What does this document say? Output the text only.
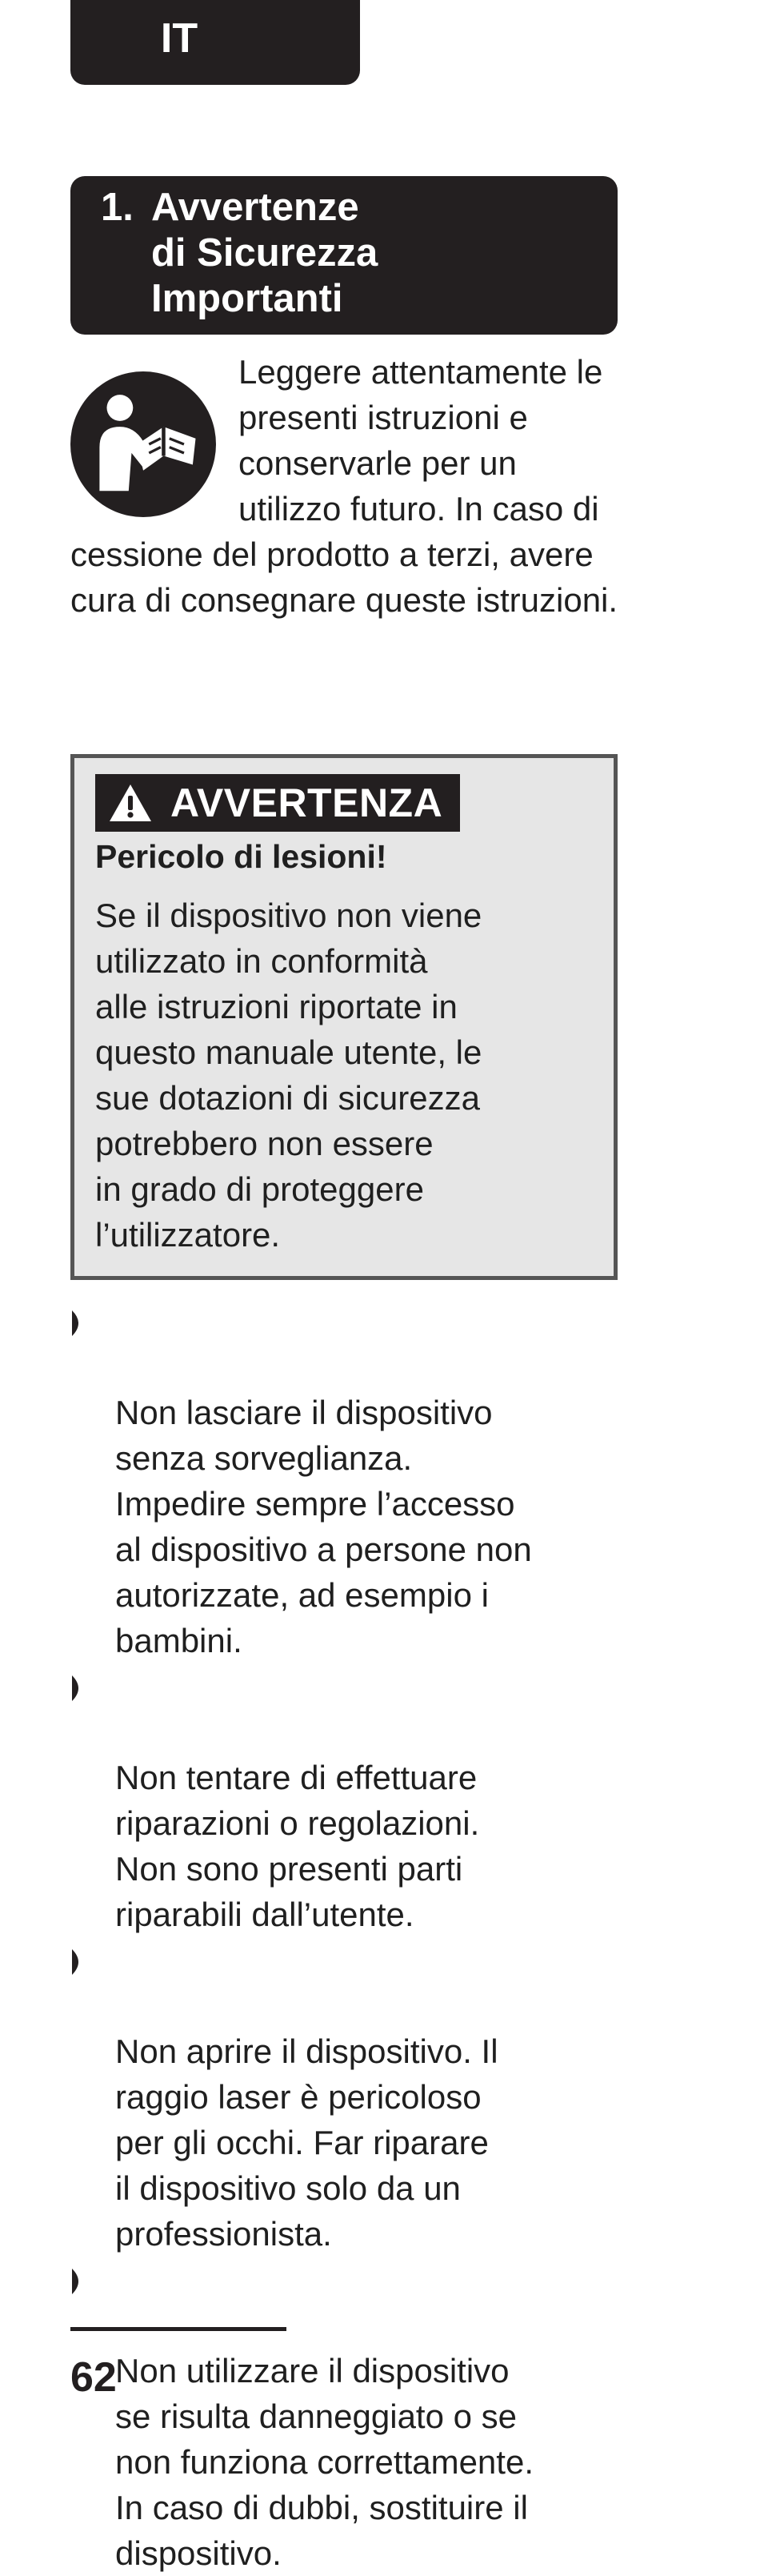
IT
1. Avvertenze
di Sicurezza
Importanti
Leggere attentamente le presenti istruzioni e conservarle per un utilizzo futuro. In caso di cessione del prodotto a terzi, avere cura di consegnare queste istruzioni.
AVVERTENZA
Pericolo di lesioni!
Se il dispositivo non viene
utilizzato in conformità
alle istruzioni riportate in
questo manuale utente, le
sue dotazioni di sicurezza
potrebbero non essere
in grado di proteggere
l’utilizzatore.

Non lasciare il dispositivo
senza sorveglianza.
Impedire sempre l’accesso
al dispositivo a persone non
autorizzate, ad esempio i
bambini.

Non tentare di effettuare
riparazioni o regolazioni.
Non sono presenti parti
riparabili dall’utente.

Non aprire il dispositivo. Il
raggio laser è pericoloso
per gli occhi. Far riparare
il dispositivo solo da un
professionista.

Non utilizzare il dispositivo
se risulta danneggiato o se
non funziona correttamente.
In caso di dubbi, sostituire il
dispositivo.

62
